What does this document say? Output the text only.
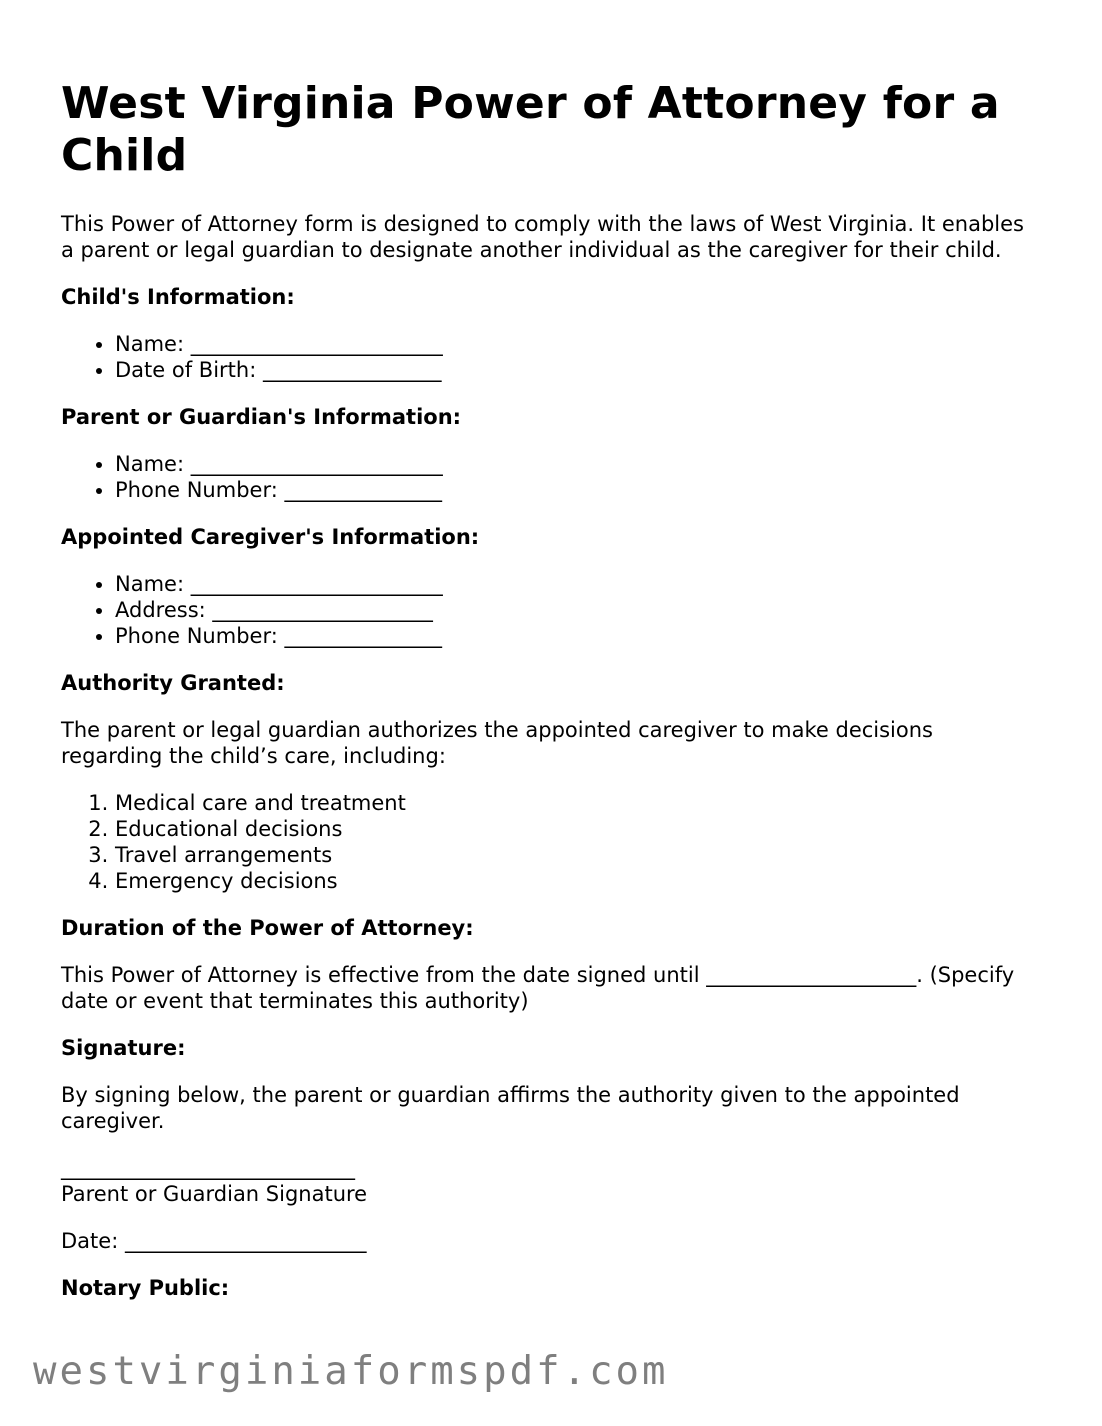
West Virginia Power of Attorney for a Child

This Power of Attorney form is designed to comply with the laws of West Virginia. It enables a parent or legal guardian to designate another individual as the caregiver for their child.

Child's Information:
• Name: ________________________
• Date of Birth: _________________
Parent or Guardian's Information:
• Name: ________________________
• Phone Number: _______________
Appointed Caregiver's Information:
• Name: ________________________
• Address: _____________________
• Phone Number: _______________
Authority Granted:

The parent or legal guardian authorizes the appointed caregiver to make decisions regarding the child’s care, including:

1. Medical care and treatment
2. Educational decisions
3. Travel arrangements
4. Emergency decisions
Duration of the Power of Attorney:

This Power of Attorney is effective from the date signed until ____________________. (Specify date or event that terminates this authority)

Signature:

By signing below, the parent or guardian affirms the authority given to the appointed caregiver.

____________________________

Parent or Guardian Signature

Date: _______________________

Notary Public:
westvirginiaformspdf.com
